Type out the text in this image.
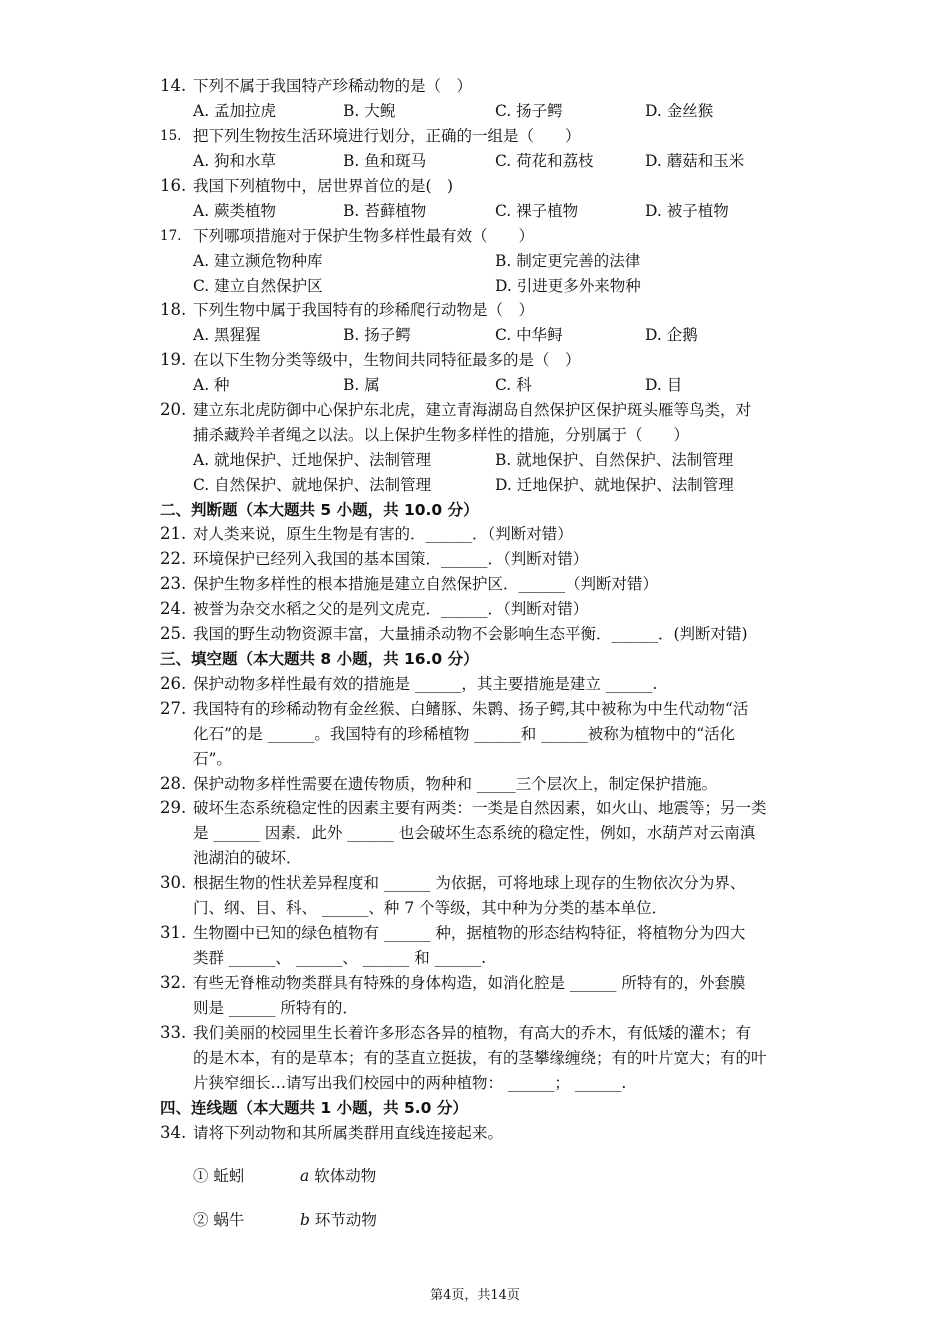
14. 下列不属于我国特产珍稀动物的是（　）
A. 孟加拉虎	B. 大鲵	C. 扬子鳄	D. 金丝猴
15. 把下列生物按生活环境进行划分，正确的一组是（　　）
A. 狗和水草	B. 鱼和斑马	C. 荷花和荔枝	D. 蘑菇和玉米
16. 我国下列植物中，居世界首位的是(　)
A. 蕨类植物	B. 苔藓植物	C. 裸子植物	D. 被子植物
17. 下列哪项措施对于保护生物多样性最有效（　　）
A. 建立濒危物种库	B. 制定更完善的法律
C. 建立自然保护区	D. 引进更多外来物种
18. 下列生物中属于我国特有的珍稀爬行动物是（　）
A. 黑猩猩	B. 扬子鳄	C. 中华鲟	D. 企鹅
19. 在以下生物分类等级中，生物间共同特征最多的是（　）
A. 种	B. 属	C. 科	D. 目
20. 建立东北虎防御中心保护东北虎，建立青海湖岛自然保护区保护斑头雁等鸟类，对
捕杀藏羚羊者绳之以法。以上保护生物多样性的措施，分别属于（　　）
A. 就地保护、迁地保护、法制管理	B. 就地保护、自然保护、法制管理
C. 自然保护、就地保护、法制管理	D. 迁地保护、就地保护、法制管理
二、判断题（本大题共 5 小题，共 10.0 分）
21. 对人类来说，原生生物是有害的．______．（判断对错）
22. 环境保护已经列入我国的基本国策．______．（判断对错）
23. 保护生物多样性的根本措施是建立自然保护区．______（判断对错）
24. 被誉为杂交水稻之父的是列文虎克．______．（判断对错）
25. 我国的野生动物资源丰富，大量捕杀动物不会影响生态平衡．______．(判断对错)
三、填空题（本大题共 8 小题，共 16.0 分）
26. 保护动物多样性最有效的措施是 ______，其主要措施是建立 ______.
27. 我国特有的珍稀动物有金丝猴、白鳍豚、朱鹮、扬子鳄,其中被称为中生代动物“活
化石”的是 ______。我国特有的珍稀植物 ______和 ______被称为植物中的“活化
石”。
28. 保护动物多样性需要在遗传物质，物种和 _____三个层次上，制定保护措施。
29. 破坏生态系统稳定性的因素主要有两类：一类是自然因素，如火山、地震等；另一类
是 ______ 因素．此外 ______ 也会破坏生态系统的稳定性，例如，水葫芦对云南滇
池湖泊的破坏．
30. 根据生物的性状差异程度和 ______ 为依据，可将地球上现存的生物依次分为界、
门、纲、目、科、 ______、种 7 个等级，其中种为分类的基本单位．
31. 生物圈中已知的绿色植物有 ______ 种，据植物的形态结构特征，将植物分为四大
类群 ______、 ______、 ______ 和 ______.
32. 有些无脊椎动物类群具有特殊的身体构造，如消化腔是 ______ 所特有的，外套膜
则是 ______ 所特有的．
33. 我们美丽的校园里生长着许多形态各异的植物，有高大的乔木，有低矮的灌木；有
的是木本，有的是草本；有的茎直立挺拔，有的茎攀缘缠绕；有的叶片宽大；有的叶
片狭窄细长…请写出我们校园中的两种植物： ______； ______.
四、连线题（本大题共 1 小题，共 5.0 分）
34. 请将下列动物和其所属类群用直线连接起来。
① 蚯蚓	a 软体动物
② 蜗牛	b 环节动物
第4页，共14页
